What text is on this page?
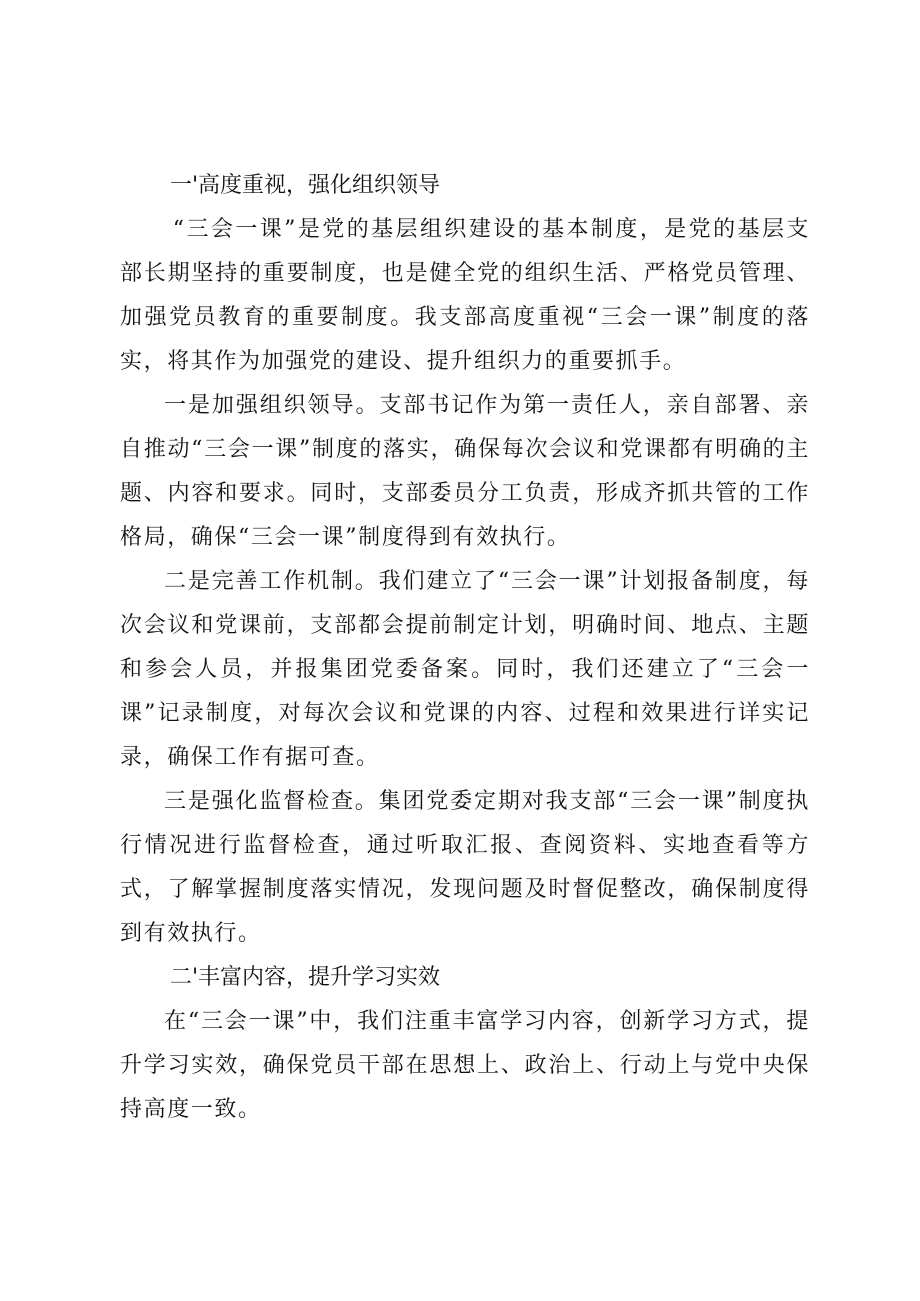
一'高度重视，强化组织领导

“三会一课”是党的基层组织建设的基本制度，是党的基层支部长期坚持的重要制度，也是健全党的组织生活、严格党员管理、加强党员教育的重要制度。我支部高度重视“三会一课”制度的落实，将其作为加强党的建设、提升组织力的重要抓手。

一是加强组织领导。支部书记作为第一责任人，亲自部署、亲自推动“三会一课”制度的落实，确保每次会议和党课都有明确的主题、内容和要求。同时，支部委员分工负责，形成齐抓共管的工作格局，确保“三会一课”制度得到有效执行。

二是完善工作机制。我们建立了“三会一课”计划报备制度，每次会议和党课前，支部都会提前制定计划，明确时间、地点、主题和参会人员，并报集团党委备案。同时，我们还建立了“三会一课”记录制度，对每次会议和党课的内容、过程和效果进行详实记录，确保工作有据可查。

三是强化监督检查。集团党委定期对我支部“三会一课”制度执行情况进行监督检查，通过听取汇报、查阅资料、实地查看等方式，了解掌握制度落实情况，发现问题及时督促整改，确保制度得到有效执行。

二'丰富内容，提升学习实效

在“三会一课”中，我们注重丰富学习内容，创新学习方式，提升学习实效，确保党员干部在思想上、政治上、行动上与党中央保持高度一致。
